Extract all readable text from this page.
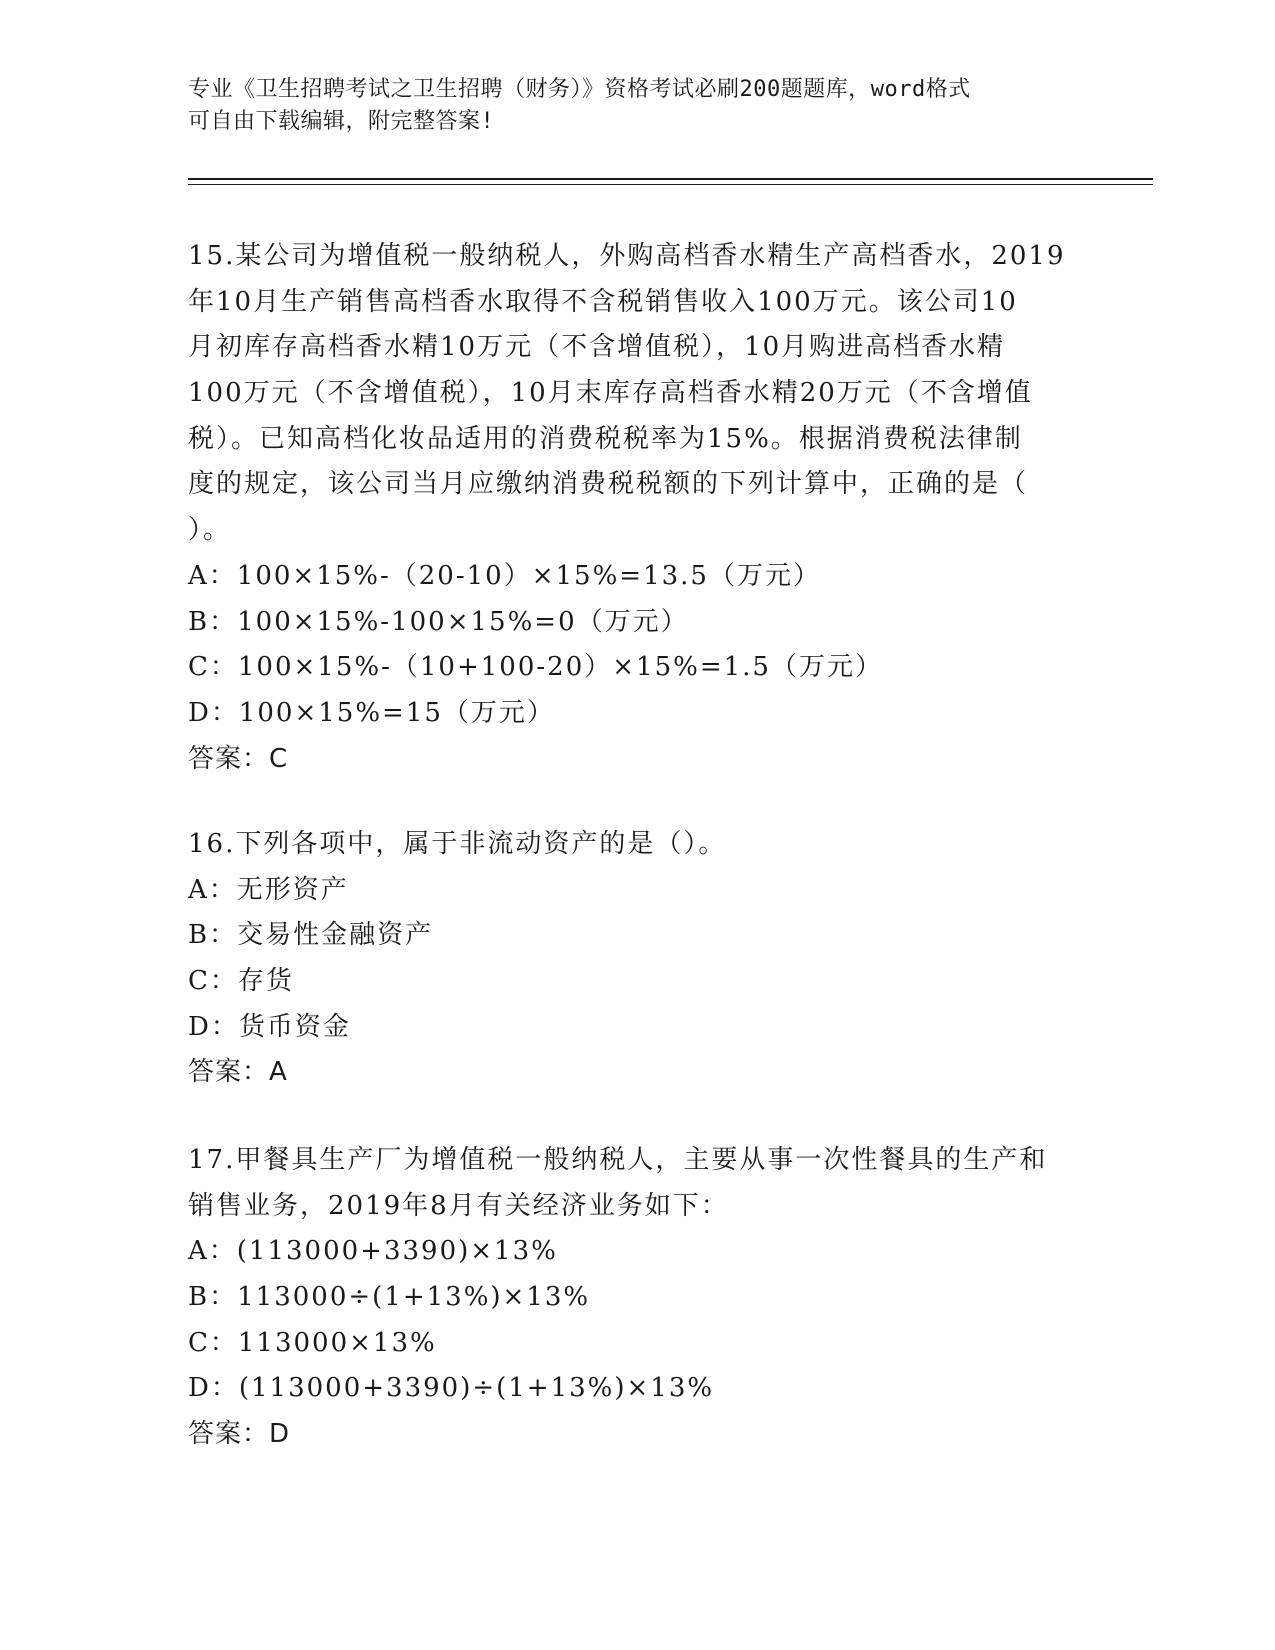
专业《卫生招聘考试之卫生招聘（财务）》资格考试必刷200题题库，word格式
可自由下载编辑，附完整答案!
15.某公司为增值税一般纳税人，外购高档香水精生产高档香水，2019
年10月生产销售高档香水取得不含税销售收入100万元。该公司10
月初库存高档香水精10万元（不含增值税），10月购进高档香水精
100万元（不含增值税），10月末库存高档香水精20万元（不含增值
税）。已知高档化妆品适用的消费税税率为15%。根据消费税法律制
度的规定，该公司当月应缴纳消费税税额的下列计算中，正确的是（
）。
A：100×15%-（20-10）×15%=13.5（万元）
B：100×15%-100×15%=0（万元）
C：100×15%-（10+100-20）×15%=1.5（万元）
D：100×15%=15（万元）
答案：C
16.下列各项中，属于非流动资产的是（）。
A：无形资产
B：交易性金融资产
C：存货
D：货币资金
答案：A
17.甲餐具生产厂为增值税一般纳税人，主要从事一次性餐具的生产和
销售业务，2019年8月有关经济业务如下：
A：(113000+3390)×13%
B：113000÷(1+13%)×13%
C：113000×13%
D：(113000+3390)÷(1+13%)×13%
答案：D
